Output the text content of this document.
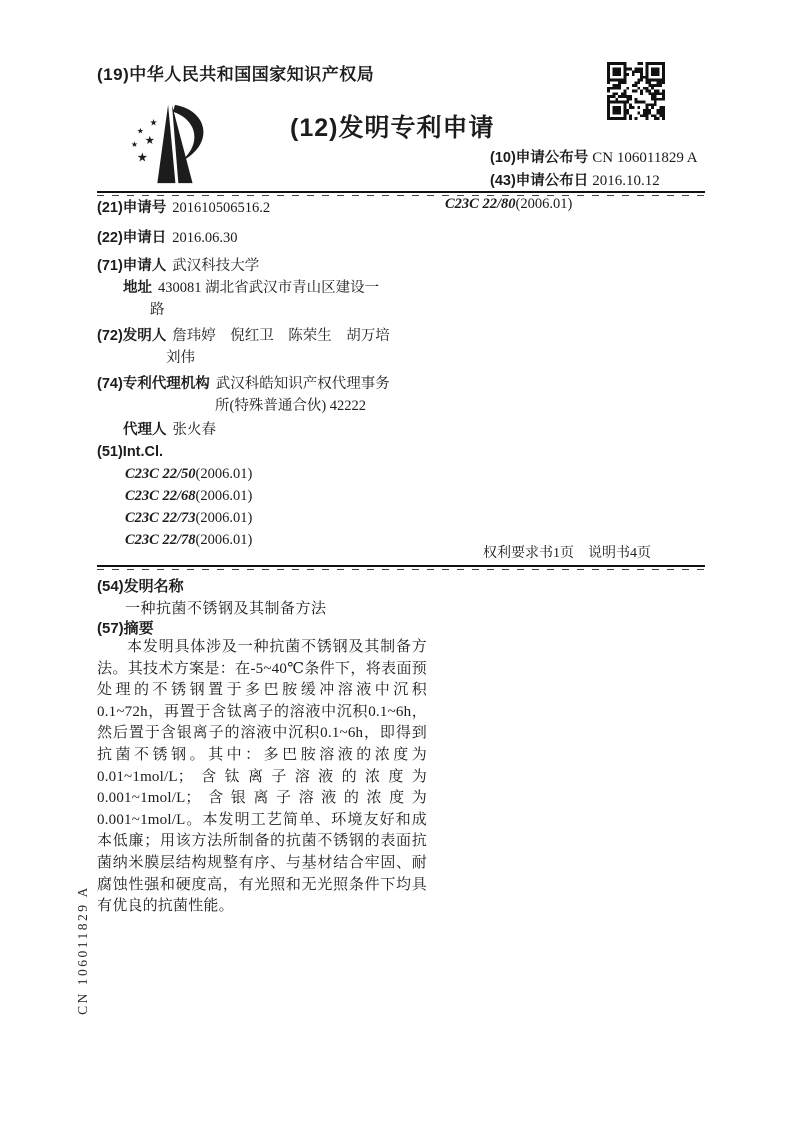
(19)中华人民共和国国家知识产权局
★
★
★
★
★
(12)发明专利申请
(10)申请公布号 CN 106011829 A
(43)申请公布日 2016.10.12
(21)申请号 201610506516.2
(22)申请日 2016.06.30
(71)申请人 武汉科技大学
地址 430081 湖北省武汉市青山区建设一
路
(72)发明人 詹玮婷　倪红卫　陈荣生　胡万培
刘伟
(74)专利代理机构 武汉科皓知识产权代理事务
所(特殊普通合伙) 42222
代理人 张火春
(51)Int.Cl.
C23C 22/50(2006.01)
C23C 22/68(2006.01)
C23C 22/73(2006.01)
C23C 22/78(2006.01)
C23C 22/80(2006.01)
权利要求书1页　说明书4页
(54)发明名称
一种抗菌不锈钢及其制备方法
(57)摘要
本发明具体涉及一种抗菌不锈钢及其制备方法。其技术方案是：在-5~40℃条件下，将表面预处理的不锈钢置于多巴胺缓冲溶液中沉积0.1~72h，再置于含钛离子的溶液中沉积0.1~6h，然后置于含银离子的溶液中沉积0.1~6h，即得到抗菌不锈钢。其中：多巴胺溶液的浓度为0.01~1mol/L；含钛离子溶液的浓度为0.001~1mol/L；含银离子溶液的浓度为0.001~1mol/L。本发明工艺简单、环境友好和成本低廉；用该方法所制备的抗菌不锈钢的表面抗菌纳米膜层结构规整有序、与基材结合牢固、耐腐蚀性强和硬度高，有光照和无光照条件下均具有优良的抗菌性能。
CN 106011829 A
